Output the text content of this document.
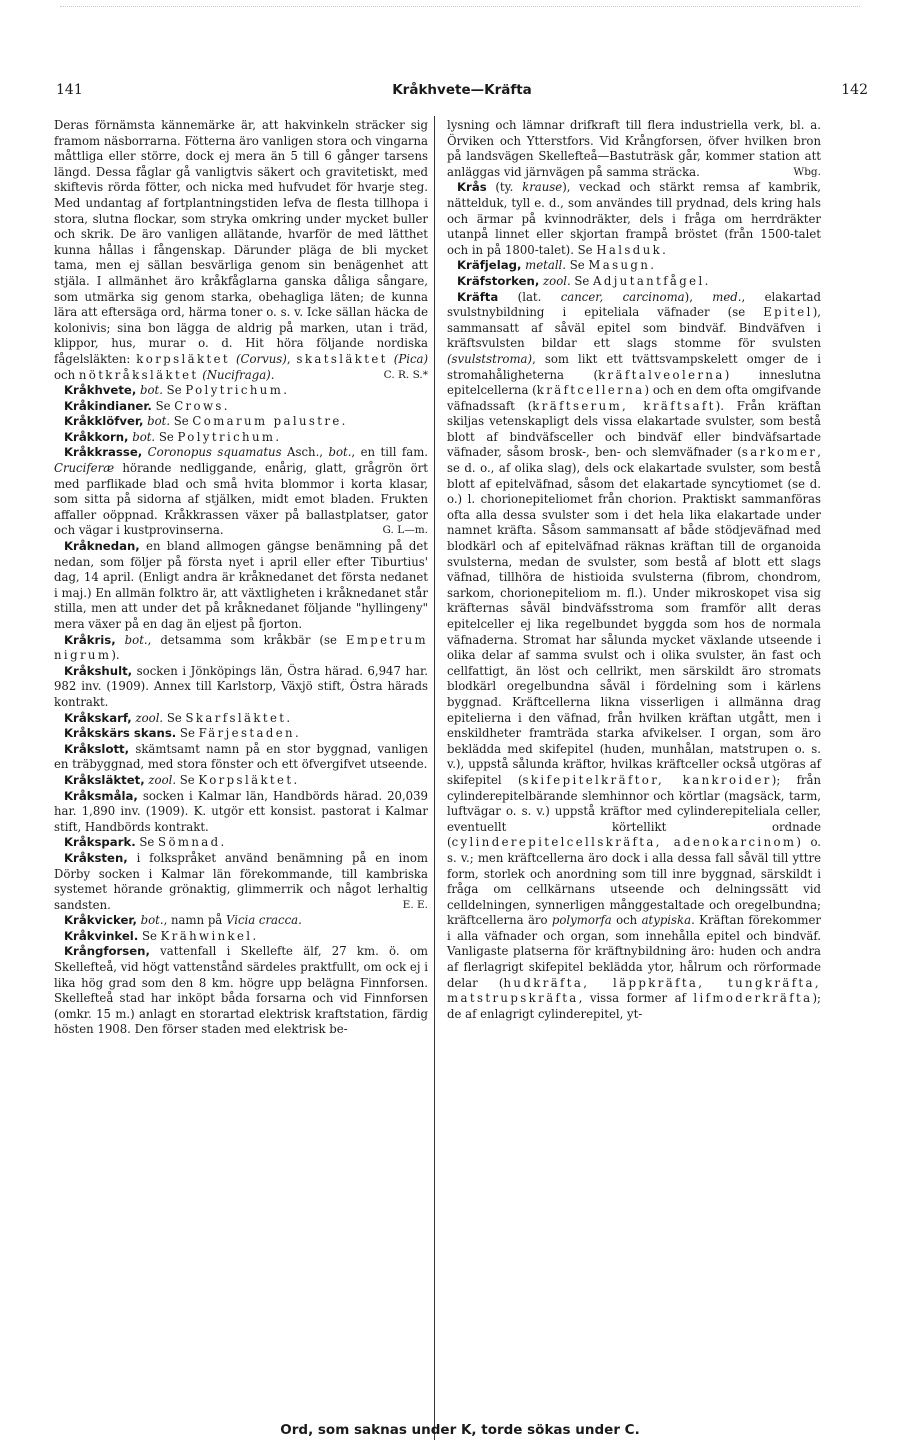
141	Kråkhvete—Kräfta	142

Deras förnämsta kännemärke är, att hakvinkeln sträcker sig framom näsborrarna. Fötterna äro vanligen stora och vingarna måttliga eller större, dock ej mera än 5 till 6 gånger tarsens längd. Dessa fåglar gå vanligtvis säkert och gravitetiskt, med skiftevis rörda fötter, och nicka med hufvudet för hvarje steg. Med undantag af fortplantningstiden lefva de flesta tillhopa i stora, slutna flockar, som stryka omkring under mycket buller och skrik. De äro vanligen allätande, hvarför de med lätthet kunna hållas i fångenskap. Därunder pläga de bli mycket tama, men ej sällan besvärliga genom sin benägenhet att stjäla. I allmänhet äro kråkfåglarna ganska dåliga sångare, som utmärka sig genom starka, obehagliga läten; de kunna lära att eftersäga ord, härma toner o. s. v. Icke sällan häcka de kolonivis; sina bon lägga de aldrig på marken, utan i träd, klippor, hus, murar o. d. Hit höra följande nordiska fågelsläkten: korpsläktet (Corvus), skatsläktet (Pica) och nötkråksläktet (Nucifraga).	C. R. S.*

Kråkhvete, bot. Se Polytrichum.

Kråkindianer. Se Crows.

Kråkklöfver, bot. Se Comarum palustre.

Kråkkorn, bot. Se Polytrichum.

Kråkkrasse, Coronopus squamatus Asch., bot., en till fam. Cruciferæ hörande nedliggande, enårig, glatt, grågrön ört med parflikade blad och små hvita blommor i korta klasar, som sitta på sidorna af stjälken, midt emot bladen. Frukten affaller oöppnad. Kråkkrassen växer på ballastplatser, gator och vägar i kustprovinserna.	G. L—m.

Kråknedan, en bland allmogen gängse benämning på det nedan, som följer på första nyet i april eller efter Tiburtius' dag, 14 april. (Enligt andra är kråknedanet det första nedanet i maj.) En allmän folktro är, att växtligheten i kråknedanet står stilla, men att under det på kråknedanet följande "hyllingeny" mera växer på en dag än eljest på fjorton.

Kråkris, bot., detsamma som kråkbär (se Empetrum nigrum).

Kråkshult, socken i Jönköpings län, Östra härad. 6,947 har. 982 inv. (1909). Annex till Karlstorp, Växjö stift, Östra härads kontrakt.

Kråkskarf, zool. Se Skarfsläktet.

Kråkskärs skans. Se Färjestaden.

Kråkslott, skämtsamt namn på en stor byggnad, vanligen en träbyggnad, med stora fönster och ett öfvergifvet utseende.

Kråksläktet, zool. Se Korpsläktet.

Kråksmåla, socken i Kalmar län, Handbörds härad. 20,039 har. 1,890 inv. (1909). K. utgör ett konsist. pastorat i Kalmar stift, Handbörds kontrakt.

Kråkspark. Se Sömnad.

Kråksten, i folkspråket använd benämning på en inom Dörby socken i Kalmar län förekommande, till kambriska systemet hörande grönaktig, glimmerrik och något lerhaltig sandsten.	E. E.

Kråkvicker, bot., namn på Vicia cracca.

Kråkvinkel. Se Krähwinkel.

Krångforsen, vattenfall i Skellefte älf, 27 km. ö. om Skellefteå, vid högt vattenstånd särdeles praktfullt, om ock ej i lika hög grad som den 8 km. högre upp belägna Finnforsen. Skellefteå stad har inköpt båda forsarna och vid Finnforsen (omkr. 15 m.) anlagt en storartad elektrisk kraftstation, färdig hösten 1908. Den förser staden med elektrisk be-

lysning och lämnar drifkraft till flera industriella verk, bl. a. Örviken och Ytterstfors. Vid Krångforsen, öfver hvilken bron på landsvägen Skellefteå—Bastuträsk går, kommer station att anläggas vid järnvägen på samma sträcka.	Wbg.

Krås (ty. krause), veckad och stärkt remsa af kambrik, nättelduk, tyll e. d., som användes till prydnad, dels kring hals och ärmar på kvinnodräkter, dels i fråga om herrdräkter utanpå linnet eller skjortan frampå bröstet (från 1500-talet och in på 1800-talet). Se Halsduk.

Kräfjelag, metall. Se Masugn.

Kräfstorken, zool. Se Adjutantfågel.

Kräfta (lat. cancer, carcinoma), med., elakartad svulstnybildning i epiteliala väfnader (se Epitel), sammansatt af såväl epitel som bindväf. Bindväfven i kräftsvulsten bildar ett slags stomme för svulsten (svulststroma), som likt ett tvättsvampskelett omger de i stromahåligheterna (kräftalveolerna) inneslutna epitelcellerna (kräftcellerna) och en dem ofta omgifvande väfnadssaft (kräftserum, kräftsaft). Från kräftan skiljas vetenskapligt dels vissa elakartade svulster, som bestå blott af bindväfsceller och bindväf eller bindväfsartade väfnader, såsom brosk-, ben- och slemväfnader (sarkomer, se d. o., af olika slag), dels ock elakartade svulster, som bestå blott af epitelväfnad, såsom det elakartade syncytiomet (se d. o.) l. chorionepiteliomet från chorion. Praktiskt sammanföras ofta alla dessa svulster som i det hela lika elakartade under namnet kräfta. Såsom sammansatt af både stödjeväfnad med blodkärl och af epitelväfnad räknas kräftan till de organoida svulsterna, medan de svulster, som bestå af blott ett slags väfnad, tillhöra de histioida svulsterna (fibrom, chondrom, sarkom, chorionepiteliom m. fl.). Under mikroskopet visa sig kräfternas såväl bindväfsstroma som framför allt deras epitelceller ej lika regelbundet byggda som hos de normala väfnaderna. Stromat har sålunda mycket växlande utseende i olika delar af samma svulst och i olika svulster, än fast och cellfattigt, än löst och cellrikt, men särskildt äro stromats blodkärl oregelbundna såväl i fördelning som i kärlens byggnad. Kräftcellerna likna visserligen i allmänna drag epitelierna i den väfnad, från hvilken kräftan utgått, men i enskildheter framträda starka afvikelser. I organ, som äro beklädda med skifepitel (huden, munhålan, matstrupen o. s. v.), uppstå sålunda kräftor, hvilkas kräftceller också utgöras af skifepitel (skifepitelkräftor, kankroider); från cylinderepitelbärande slemhinnor och körtlar (magsäck, tarm, luftvägar o. s. v.) uppstå kräftor med cylinderepiteliala celler, eventuellt körtellikt ordnade (cylinderepitelcellskräfta, adenokarcinom) o. s. v.; men kräftcellerna äro dock i alla dessa fall såväl till yttre form, storlek och anordning som till inre byggnad, särskildt i fråga om cellkärnans utseende och delningssätt vid celldelningen, synnerligen månggestaltade och oregelbundna; kräftcellerna äro polymorfa och atypiska. Kräftan förekommer i alla väfnader och organ, som innehålla epitel och bindväf. Vanligaste platserna för kräftnybildning äro: huden och andra af flerlagrigt skifepitel beklädda ytor, hålrum och rörformade delar (hudkräfta, läppkräfta, tungkräfta, matstrupskräfta, vissa former af lifmoderkräfta); de af enlagrigt cylinderepitel, yt-

Ord, som saknas under K, torde sökas under C.
